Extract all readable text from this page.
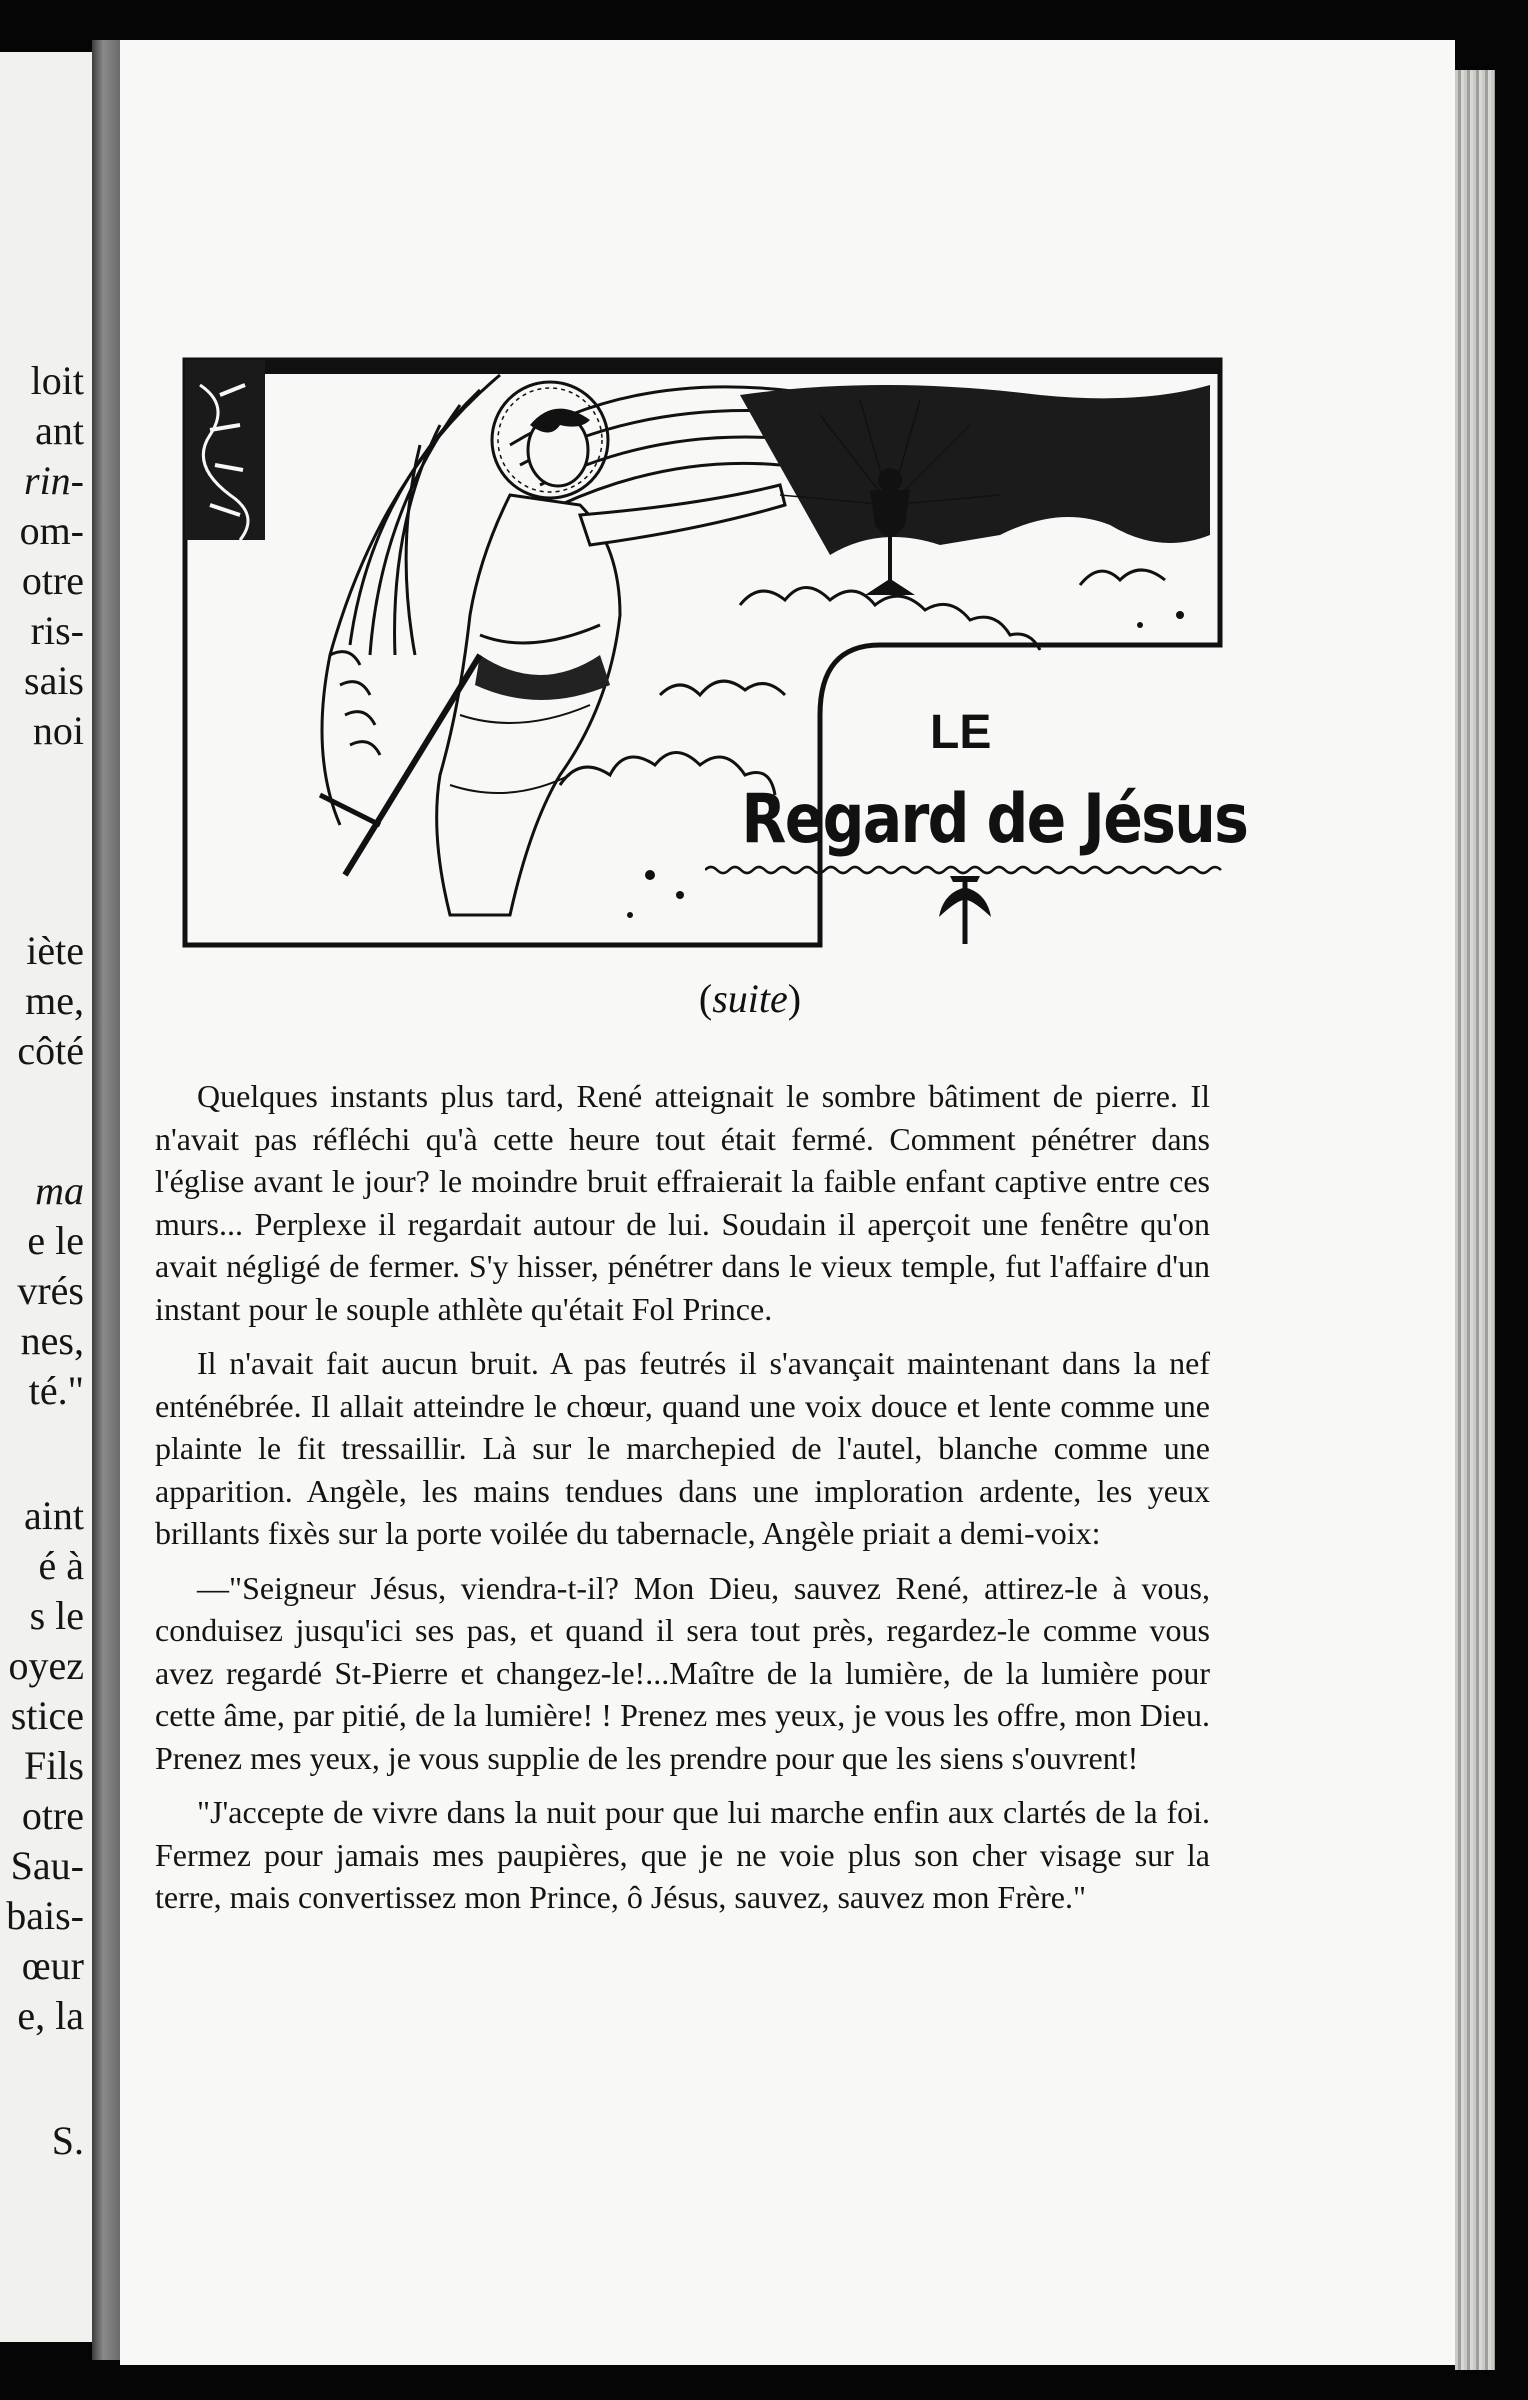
loit
ant
rin-
om-
otre
ris-
sais
noi
iète
me,
côté
ma
e le
vrés
nes,
té."
aint
é à
s le
oyez
stice
Fils
otre
Sau-
bais-
œur
e, la
S.
LE
Regard de Jésus
(suite)

Quelques instants plus tard, René atteignait le sombre bâtiment de pierre. Il n'avait pas réfléchi qu'à cette heure tout était fermé. Comment pénétrer dans l'église avant le jour? le moindre bruit effraierait la faible enfant captive entre ces murs... Perplexe il regardait autour de lui. Soudain il aperçoit une fenêtre qu'on avait négligé de fermer. S'y hisser, pénétrer dans le vieux temple, fut l'affaire d'un instant pour le souple athlète qu'était Fol Prince.

Il n'avait fait aucun bruit. A pas feutrés il s'avançait maintenant dans la nef enténébrée. Il allait atteindre le chœur, quand une voix douce et lente comme une plainte le fit tressaillir. Là sur le marchepied de l'autel, blanche comme une apparition. Angèle, les mains tendues dans une imploration ardente, les yeux brillants fixès sur la porte voilée du tabernacle, Angèle priait a demi-voix:

—"Seigneur Jésus, viendra-t-il? Mon Dieu, sauvez René, attirez-le à vous, conduisez jusqu'ici ses pas, et quand il sera tout près, regardez-le comme vous avez regardé St-Pierre et changez-le!...Maître de la lumière, de la lumière pour cette âme, par pitié, de la lumière! ! Prenez mes yeux, je vous les offre, mon Dieu. Prenez mes yeux, je vous supplie de les prendre pour que les siens s'ouvrent!

"J'accepte de vivre dans la nuit pour que lui marche enfin aux clartés de la foi. Fermez pour jamais mes paupières, que je ne voie plus son cher visage sur la terre, mais convertissez mon Prince, ô Jésus, sauvez, sauvez mon Frère."
